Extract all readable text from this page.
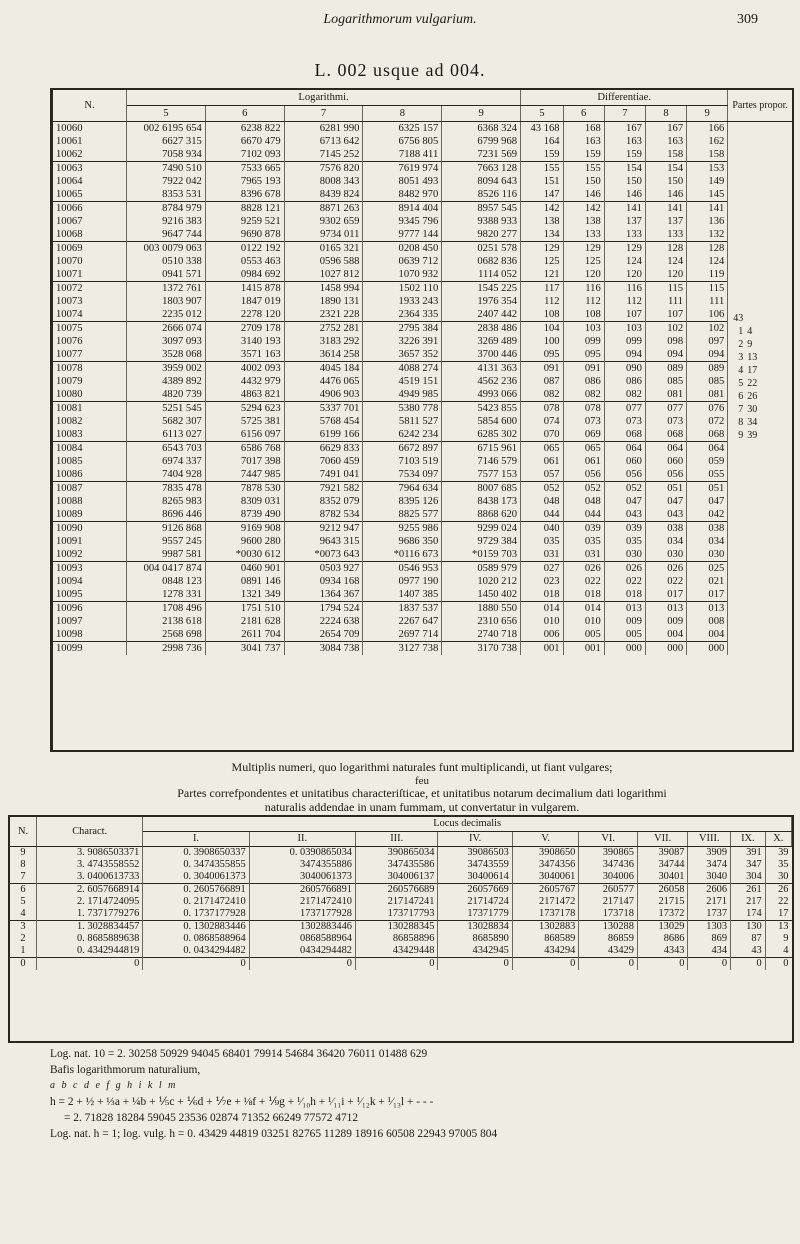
Logarithmorum vulgarium.	309
L. 002 usque ad 004.
N.	Logarithmi.	Differentiae.	Partes propor.
5	6	7	8	9	5	6	7	8	9
10060	002 6195 654	6238 822	6281 990	6325 157	6368 324	43 168	168	167	167	166	
43	
1	4
2	9
3	13
4	17
5	22
6	26
7	30
8	34
9	39

10061	6627 315	6670 479	6713 642	6756 805	6799 968	164	163	163	163	162
10062	7058 934	7102 093	7145 252	7188 411	7231 569	159	159	159	158	158
10063	7490 510	7533 665	7576 820	7619 974	7663 128	155	155	154	154	153
10064	7922 042	7965 193	8008 343	8051 493	8094 643	151	150	150	150	149
10065	8353 531	8396 678	8439 824	8482 970	8526 116	147	146	146	146	145
10066	8784 979	8828 121	8871 263	8914 404	8957 545	142	142	141	141	141
10067	9216 383	9259 521	9302 659	9345 796	9388 933	138	138	137	137	136
10068	9647 744	9690 878	9734 011	9777 144	9820 277	134	133	133	133	132
10069	003 0079 063	0122 192	0165 321	0208 450	0251 578	129	129	129	128	128
10070	0510 338	0553 463	0596 588	0639 712	0682 836	125	125	124	124	124
10071	0941 571	0984 692	1027 812	1070 932	1114 052	121	120	120	120	119
10072	1372 761	1415 878	1458 994	1502 110	1545 225	117	116	116	115	115
10073	1803 907	1847 019	1890 131	1933 243	1976 354	112	112	112	111	111
10074	2235 012	2278 120	2321 228	2364 335	2407 442	108	108	107	107	106
10075	2666 074	2709 178	2752 281	2795 384	2838 486	104	103	103	102	102
10076	3097 093	3140 193	3183 292	3226 391	3269 489	100	099	099	098	097
10077	3528 068	3571 163	3614 258	3657 352	3700 446	095	095	094	094	094
10078	3959 002	4002 093	4045 184	4088 274	4131 363	091	091	090	089	089
10079	4389 892	4432 979	4476 065	4519 151	4562 236	087	086	086	085	085
10080	4820 739	4863 821	4906 903	4949 985	4993 066	082	082	082	081	081
10081	5251 545	5294 623	5337 701	5380 778	5423 855	078	078	077	077	076
10082	5682 307	5725 381	5768 454	5811 527	5854 600	074	073	073	073	072
10083	6113 027	6156 097	6199 166	6242 234	6285 302	070	069	068	068	068
10084	6543 703	6586 768	6629 833	6672 897	6715 961	065	065	064	064	064
10085	6974 337	7017 398	7060 459	7103 519	7146 579	061	061	060	060	059
10086	7404 928	7447 985	7491 041	7534 097	7577 153	057	056	056	056	055
10087	7835 478	7878 530	7921 582	7964 634	8007 685	052	052	052	051	051
10088	8265 983	8309 031	8352 079	8395 126	8438 173	048	048	047	047	047
10089	8696 446	8739 490	8782 534	8825 577	8868 620	044	044	043	043	042
10090	9126 868	9169 908	9212 947	9255 986	9299 024	040	039	039	038	038
10091	9557 245	9600 280	9643 315	9686 350	9729 384	035	035	035	034	034
10092	9987 581	*0030 612	*0073 643	*0116 673	*0159 703	031	031	030	030	030
10093	004 0417 874	0460 901	0503 927	0546 953	0589 979	027	026	026	026	025
10094	0848 123	0891 146	0934 168	0977 190	1020 212	023	022	022	022	021
10095	1278 331	1321 349	1364 367	1407 385	1450 402	018	018	018	017	017
10096	1708 496	1751 510	1794 524	1837 537	1880 550	014	014	013	013	013
10097	2138 618	2181 628	2224 638	2267 647	2310 656	010	010	009	009	008
10098	2568 698	2611 704	2654 709	2697 714	2740 718	006	005	005	004	004
10099	2998 736	3041 737	3084 738	3127 738	3170 738	001	001	000	000	000
Multiplis numeri, quo logarithmi naturales funt multiplicandi, ut fiant vulgares;
feu
Partes correfpondentes et unitatibus characteriſticae, et unitatibus notarum decimalium dati logarithmi
naturalis addendae in unam fummam, ut convertatur in vulgarem.
N.	Charact.	Locus decimalis									
		I.	II.	III.	IV.	V.	VI.	VII.	VIII.	IX.	X.
9	3. 9086503371	0. 3908650337	0. 0390865034	390865034	39086503	3908650	390865	39087	3909	391	39
8	3. 4743558552	0. 3474355855	3474355886	347435586	34743559	3474356	347436	34744	3474	347	35
7	3. 0400613733	0. 3040061373	3040061373	304006137	30400614	3040061	304006	30401	3040	304	30
6	2. 6057668914	0. 2605766891	2605766891	260576689	26057669	2605767	260577	26058	2606	261	26
5	2. 1714724095	0. 2171472410	2171472410	217147241	21714724	2171472	217147	21715	2171	217	22
4	1. 7371779276	0. 1737177928	1737177928	173717793	17371779	1737178	173718	17372	1737	174	17
3	1. 3028834457	0. 1302883446	1302883446	130288345	13028834	1302883	130288	13029	1303	130	13
2	0. 8685889638	0. 0868588964	0868588964	86858896	8685890	868589	86859	8686	869	87	9
1	0. 4342944819	0. 0434294482	0434294482	43429448	4342945	434294	43429	4343	434	43	4
0	0	0	0	0	0	0	0	0	0	0	0
Log. nat. 10 = 2. 30258 50929 94045 68401 79914 54684 36420 76011 01488 629
Bafis logarithmorum naturalium,
a b c d e f g h i k l m
h = 2 + ½ + ⅓a + ¼b + ⅕c + ⅙d + ⅐e + ⅛f + ⅑g + ¹⁄₁₀h + ¹⁄₁₁i + ¹⁄₁₂k + ¹⁄₁₃l + - - -
= 2. 71828 18284 59045 23536 02874 71352 66249 77572 4712
Log. nat. h = 1; log. vulg. h = 0. 43429 44819 03251 82765 11289 18916 60508 22943 97005 804
